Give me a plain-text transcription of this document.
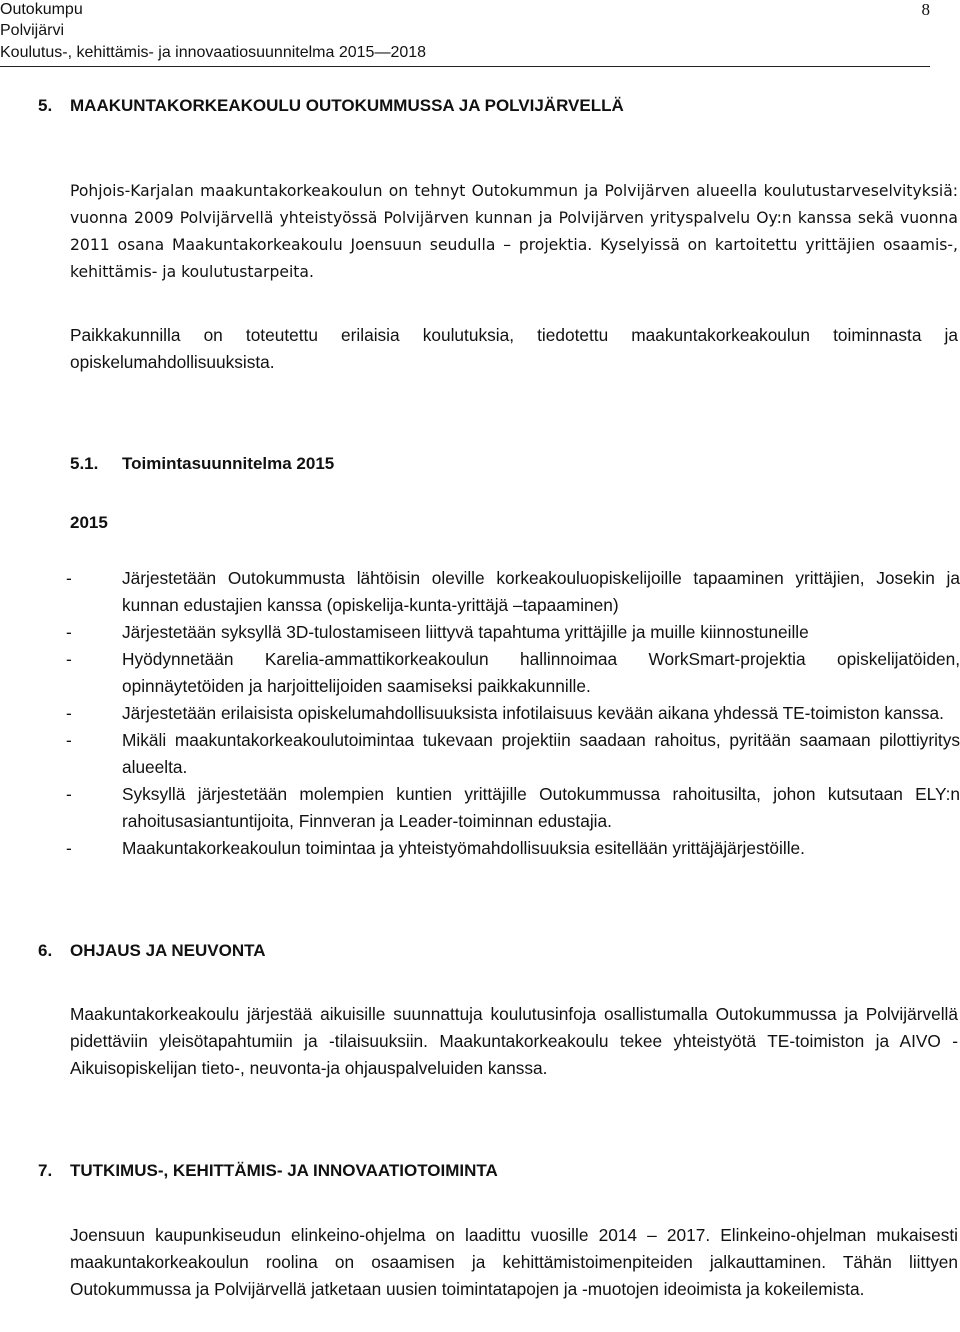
Outokumpu
Polvijärvi
Koulutus-, kehittämis- ja innovaatiosuunnitelma 2015—2018
8
5. MAAKUNTAKORKEAKOULU OUTOKUMMUSSA JA POLVIJÄRVELLÄ
Pohjois-Karjalan maakuntakorkeakoulun on tehnyt Outokummun ja Polvijärven alueella koulutustarveselvityksiä: vuonna 2009 Polvijärvellä yhteistyössä Polvijärven kunnan ja Polvijärven yrityspalvelu Oy:n kanssa sekä vuonna 2011 osana Maakuntakorkeakoulu Joensuun seudulla – projektia. Kyselyissä on kartoitettu yrittäjien osaamis-, kehittämis- ja koulutustarpeita.
Paikkakunnilla on toteutettu erilaisia koulutuksia, tiedotettu maakuntakorkeakoulun toiminnasta ja opiskelumahdollisuuksista.
5.1. Toimintasuunnitelma 2015
2015
-	Järjestetään Outokummusta lähtöisin oleville korkeakouluopiskelijoille tapaaminen yrittäjien, Josekin ja kunnan edustajien kanssa (opiskelija-kunta-yrittäjä –tapaaminen)
-	Järjestetään syksyllä 3D-tulostamiseen liittyvä tapahtuma yrittäjille ja muille kiinnostuneille
-	Hyödynnetään Karelia-ammattikorkeakoulun hallinnoimaa WorkSmart-projektia opiskelijatöiden, opinnäytetöiden ja harjoittelijoiden saamiseksi paikkakunnille.
-	Järjestetään erilaisista opiskelumahdollisuuksista infotilaisuus kevään aikana yhdessä TE-toimiston kanssa.
-	Mikäli maakuntakorkeakoulutoimintaa tukevaan projektiin saadaan rahoitus, pyritään saamaan pilottiyritys alueelta.
-	Syksyllä järjestetään molempien kuntien yrittäjille Outokummussa rahoitusilta, johon kutsutaan ELY:n rahoitusasiantuntijoita, Finnveran ja Leader-toiminnan edustajia.
-	Maakuntakorkeakoulun toimintaa ja yhteistyömahdollisuuksia esitellään yrittäjäjärjestöille.
6. OHJAUS JA NEUVONTA
Maakuntakorkeakoulu järjestää aikuisille suunnattuja koulutusinfoja osallistumalla Outokummussa ja Polvijärvellä pidettäviin yleisötapahtumiin ja -tilaisuuksiin. Maakuntakorkeakoulu tekee yhteistyötä TE-toimiston ja AIVO - Aikuisopiskelijan tieto-, neuvonta-ja ohjauspalveluiden kanssa.
7. TUTKIMUS-, KEHITTÄMIS- JA INNOVAATIOTOIMINTA
Joensuun kaupunkiseudun elinkeino-ohjelma on laadittu vuosille 2014 – 2017. Elinkeino-ohjelman mukaisesti maakuntakorkeakoulun roolina on osaamisen ja kehittämistoimenpiteiden jalkauttaminen. Tähän liittyen Outokummussa ja Polvijärvellä jatketaan uusien toimintatapojen ja -muotojen ideoimista ja kokeilemista.
